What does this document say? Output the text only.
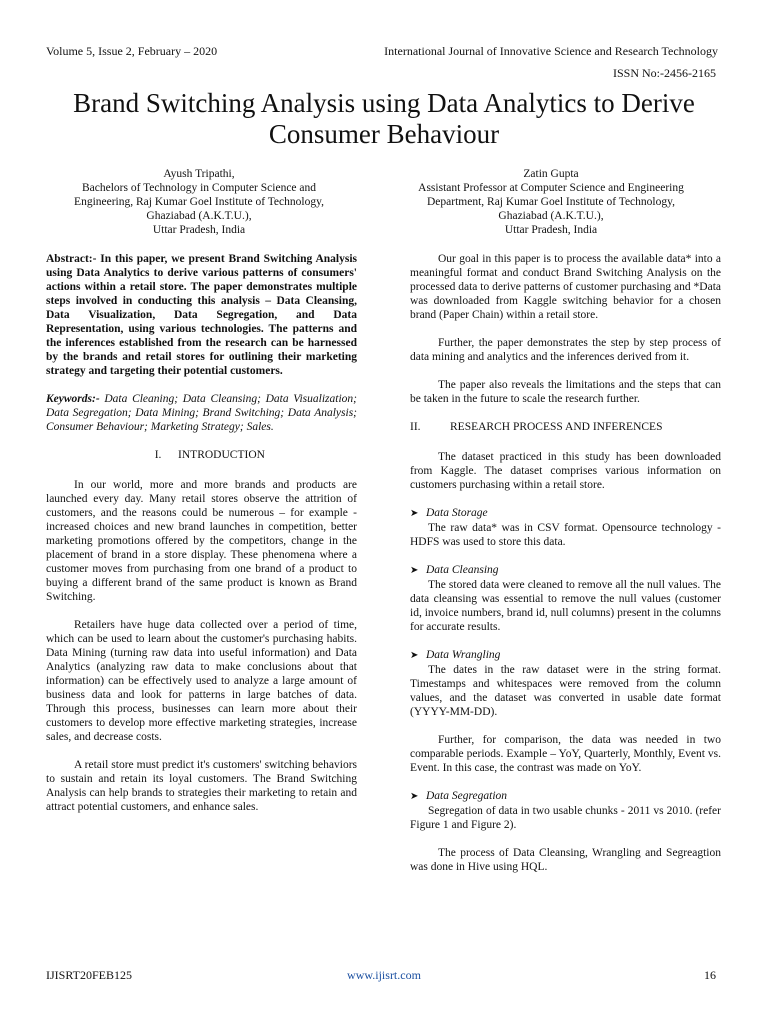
Volume 5, Issue 2, February – 2020	International Journal of Innovative Science and Research Technology
ISSN No:-2456-2165
Brand Switching Analysis using Data Analytics to Derive Consumer Behaviour
Ayush Tripathi,
Bachelors of Technology in Computer Science and
Engineering, Raj Kumar Goel Institute of Technology,
Ghaziabad (A.K.T.U.),
Uttar Pradesh, India
Zatin Gupta
Assistant Professor at Computer Science and Engineering
Department, Raj Kumar Goel Institute of Technology,
Ghaziabad (A.K.T.U.),
Uttar Pradesh, India

Abstract:- In this paper, we present Brand Switching Analysis using Data Analytics to derive various patterns of consumers' actions within a retail store. The paper demonstrates multiple steps involved in conducting this analysis – Data Cleansing, Data Visualization, Data Segregation, and Data Representation, using various technologies. The patterns and the inferences established from the research can be harnessed by the brands and retail stores for outlining their marketing strategy and targeting their potential customers.

Keywords:- Data Cleaning; Data Cleansing; Data Visualization; Data Segregation; Data Mining; Brand Switching; Data Analysis; Consumer Behaviour; Marketing Strategy; Sales.

I. INTRODUCTION

In our world, more and more brands and products are launched every day. Many retail stores observe the attrition of customers, and the reasons could be numerous – for example - increased choices and new brand launches in competition, better marketing promotions offered by the competitors, change in the placement of brand in a store display. These phenomena where a customer moves from purchasing from one brand of a product to buying a different brand of the same product is known as Brand Switching.

Retailers have huge data collected over a period of time, which can be used to learn about the customer's purchasing habits. Data Mining (turning raw data into useful information) and Data Analytics (analyzing raw data to make conclusions about that information) can be effectively used to analyze a large amount of business data and look for patterns in large batches of data. Through this process, businesses can learn more about their customers to develop more effective marketing strategies, increase sales, and decrease costs.

A retail store must predict it's customers' switching behaviors to sustain and retain its loyal customers. The Brand Switching Analysis can help brands to strategies their marketing to retain and attract potential customers, and enhance sales.

Our goal in this paper is to process the available data* into a meaningful format and conduct Brand Switching Analysis on the processed data to derive patterns of customer purchasing and *Data was downloaded from Kaggle switching behavior for a chosen brand (Paper Chain) within a retail store.

Further, the paper demonstrates the step by step process of data mining and analytics and the inferences derived from it.

The paper also reveals the limitations and the steps that can be taken in the future to scale the research further.

II.	RESEARCH PROCESS AND INFERENCES

The dataset practiced in this study has been downloaded from Kaggle. The dataset comprises various information on customers purchasing within a retail store.

➤ Data Storage

The raw data* was in CSV format. Opensource technology - HDFS was used to store this data.

➤ Data Cleansing

The stored data were cleaned to remove all the null values. The data cleansing was essential to remove the null values (customer id, invoice numbers, brand id, null columns) present in the columns for accurate results.

➤ Data Wrangling

The dates in the raw dataset were in the string format. Timestamps and whitespaces were removed from the column values, and the dataset was converted in usable date format (YYYY-MM-DD).

Further, for comparison, the data was needed in two comparable periods. Example – YoY, Quarterly, Monthly, Event vs. Event. In this case, the contrast was made on YoY.

➤ Data Segregation

Segregation of data in two usable chunks - 2011 vs 2010. (refer Figure 1 and Figure 2).

The process of Data Cleansing, Wrangling and Segreagtion was done in Hive using HQL.

IJISRT20FEB125	www.ijisrt.com	16
